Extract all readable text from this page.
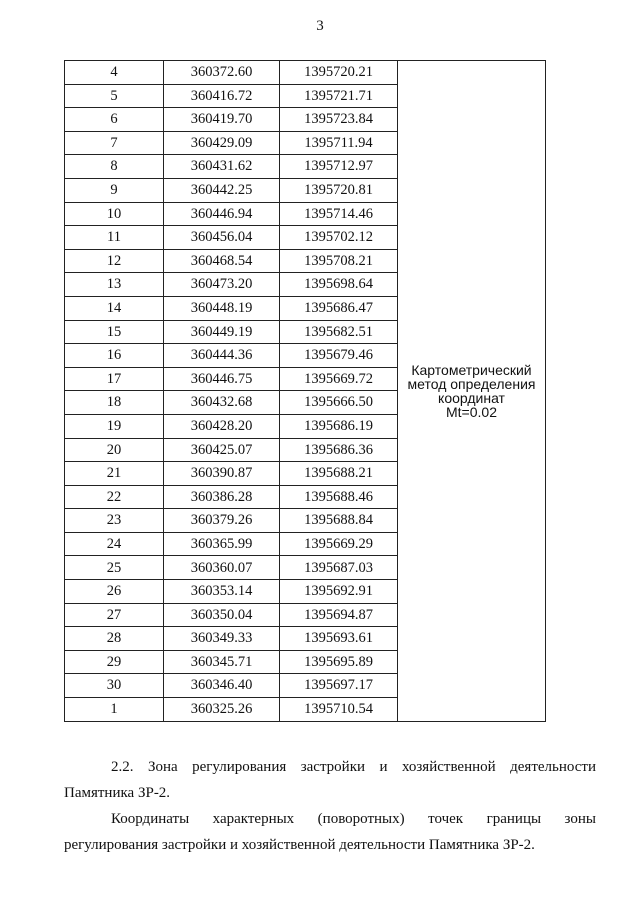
3
4	360372.60	1395720.21	Картометрический
метод определения
координат
Mt=0.02

5	360416.72	1395721.71	
6	360419.70	1395723.84	
7	360429.09	1395711.94	
8	360431.62	1395712.97	
9	360442.25	1395720.81	
10	360446.94	1395714.46	
11	360456.04	1395702.12	
12	360468.54	1395708.21	
13	360473.20	1395698.64	
14	360448.19	1395686.47	
15	360449.19	1395682.51	
16	360444.36	1395679.46	
17	360446.75	1395669.72	
18	360432.68	1395666.50	
19	360428.20	1395686.19	
20	360425.07	1395686.36	
21	360390.87	1395688.21	
22	360386.28	1395688.46	
23	360379.26	1395688.84	
24	360365.99	1395669.29	
25	360360.07	1395687.03	
26	360353.14	1395692.91	
27	360350.04	1395694.87	
28	360349.33	1395693.61	
29	360345.71	1395695.89	
30	360346.40	1395697.17	
1	360325.26	1395710.54	
2.2. Зона регулирования застройки и хозяйственной деятельности
Памятника ЗР-2.
Координаты характерных (поворотных) точек границы зоны
регулирования застройки и хозяйственной деятельности Памятника ЗР-2.
